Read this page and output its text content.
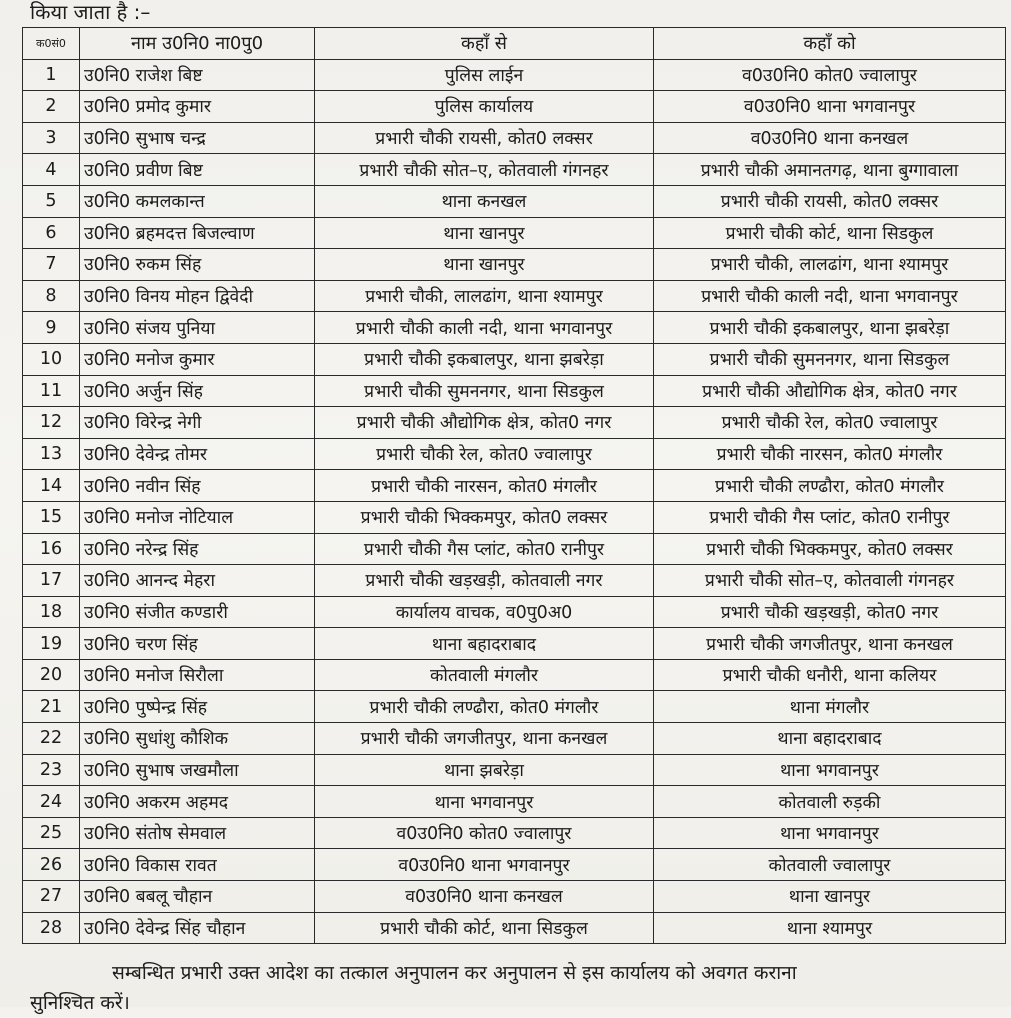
किया जाता है :–
क0सं0	नाम उ0नि0 ना0पु0	कहाँ से	कहाँ को
1	उ0नि0 राजेश बिष्ट	पुलिस लाईन	व0उ0नि0 कोत0 ज्वालापुर
2	उ0नि0 प्रमोद कुमार	पुलिस कार्यालय	व0उ0नि0 थाना भगवानपुर
3	उ0नि0 सुभाष चन्द्र	प्रभारी चौकी रायसी, कोत0 लक्सर	व0उ0नि0 थाना कनखल
4	उ0नि0 प्रवीण बिष्ट	प्रभारी चौकी सोत–ए, कोतवाली गंगनहर	प्रभारी चौकी अमानतगढ़, थाना बुग्गावाला
5	उ0नि0 कमलकान्त	थाना कनखल	प्रभारी चौकी रायसी, कोत0 लक्सर
6	उ0नि0 ब्रहमदत्त बिजल्वाण	थाना खानपुर	प्रभारी चौकी कोर्ट, थाना सिडकुल
7	उ0नि0 रुकम सिंह	थाना खानपुर	प्रभारी चौकी, लालढांग, थाना श्यामपुर
8	उ0नि0 विनय मोहन द्विवेदी	प्रभारी चौकी, लालढांग, थाना श्यामपुर	प्रभारी चौकी काली नदी, थाना भगवानपुर
9	उ0नि0 संजय पुनिया	प्रभारी चौकी काली नदी, थाना भगवानपुर	प्रभारी चौकी इकबालपुर, थाना झबरेड़ा
10	उ0नि0 मनोज कुमार	प्रभारी चौकी इकबालपुर, थाना झबरेड़ा	प्रभारी चौकी सुमननगर, थाना सिडकुल
11	उ0नि0 अर्जुन सिंह	प्रभारी चौकी सुमननगर, थाना सिडकुल	प्रभारी चौकी औद्योगिक क्षेत्र, कोत0 नगर
12	उ0नि0 विरेन्द्र नेगी	प्रभारी चौकी औद्योगिक क्षेत्र, कोत0 नगर	प्रभारी चौकी रेल, कोत0 ज्वालापुर
13	उ0नि0 देवेन्द्र तोमर	प्रभारी चौकी रेल, कोत0 ज्वालापुर	प्रभारी चौकी नारसन, कोत0 मंगलौर
14	उ0नि0 नवीन सिंह	प्रभारी चौकी नारसन, कोत0 मंगलौर	प्रभारी चौकी लण्ढौरा, कोत0 मंगलौर
15	उ0नि0 मनोज नोटियाल	प्रभारी चौकी भिक्कमपुर, कोत0 लक्सर	प्रभारी चौकी गैस प्लांट, कोत0 रानीपुर
16	उ0नि0 नरेन्द्र सिंह	प्रभारी चौकी गैस प्लांट, कोत0 रानीपुर	प्रभारी चौकी भिक्कमपुर, कोत0 लक्सर
17	उ0नि0 आनन्द मेहरा	प्रभारी चौकी खड़खड़ी, कोतवाली नगर	प्रभारी चौकी सोत–ए, कोतवाली गंगनहर
18	उ0नि0 संजीत कण्डारी	कार्यालय वाचक, व0पु0अ0	प्रभारी चौकी खड़खड़ी, कोत0 नगर
19	उ0नि0 चरण सिंह	थाना बहादराबाद	प्रभारी चौकी जगजीतपुर, थाना कनखल
20	उ0नि0 मनोज सिरौला	कोतवाली मंगलौर	प्रभारी चौकी धनौरी, थाना कलियर
21	उ0नि0 पुष्पेन्द्र सिंह	प्रभारी चौकी लण्ढौरा, कोत0 मंगलौर	थाना मंगलौर
22	उ0नि0 सुधांशु कौशिक	प्रभारी चौकी जगजीतपुर, थाना कनखल	थाना बहादराबाद
23	उ0नि0 सुभाष जखमौला	थाना झबरेड़ा	थाना भगवानपुर
24	उ0नि0 अकरम अहमद	थाना भगवानपुर	कोतवाली रुड़की
25	उ0नि0 संतोष सेमवाल	व0उ0नि0 कोत0 ज्वालापुर	थाना भगवानपुर
26	उ0नि0 विकास रावत	व0उ0नि0 थाना भगवानपुर	कोतवाली ज्वालापुर
27	उ0नि0 बबलू चौहान	व0उ0नि0 थाना कनखल	थाना खानपुर
28	उ0नि0 देवेन्द्र सिंह चौहान	प्रभारी चौकी कोर्ट, थाना सिडकुल	थाना श्यामपुर
सम्बन्धित प्रभारी उक्त आदेश का तत्काल अनुपालन कर अनुपालन से इस कार्यालय को अवगत कराना
सुनिश्चित करें।
